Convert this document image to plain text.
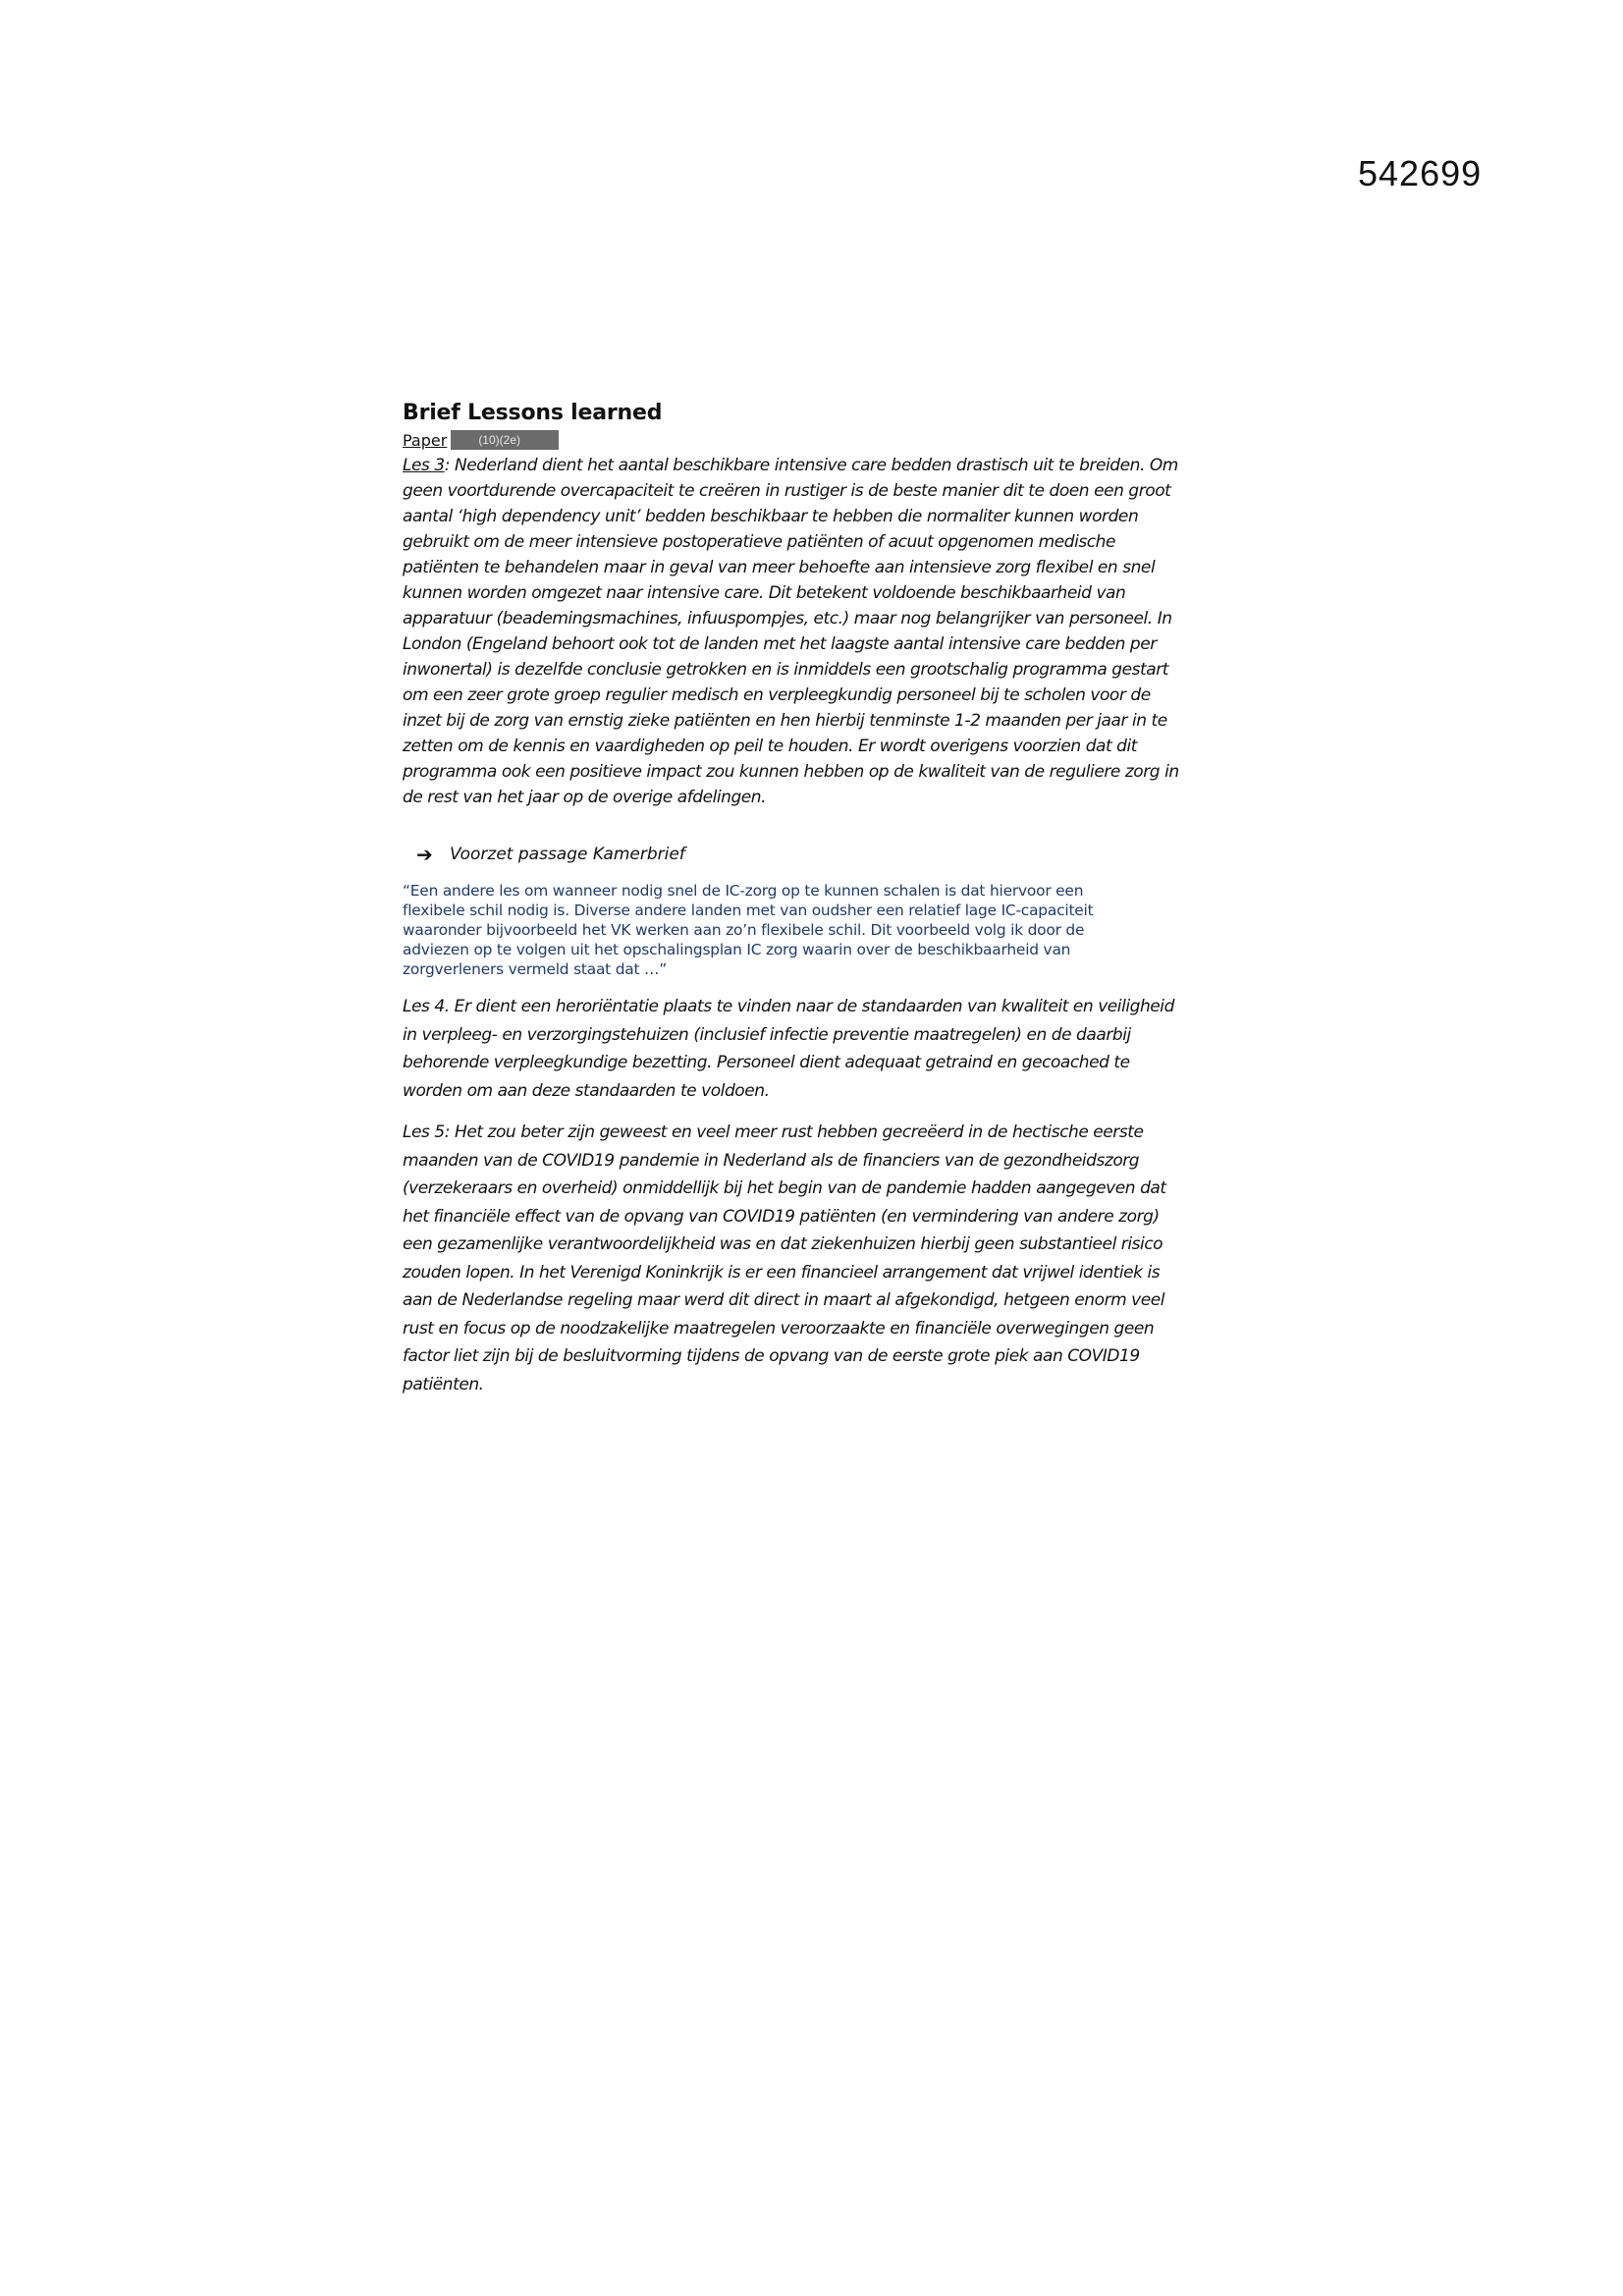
542699
Brief Lessons learned
Paper	(10)(2e)

Les 3: Nederland dient het aantal beschikbare intensive care bedden drastisch uit te breiden. Om

geen voortdurende overcapaciteit te creëren in rustiger is de beste manier dit te doen een groot

aantal ‘high dependency unit’ bedden beschikbaar te hebben die normaliter kunnen worden

gebruikt om de meer intensieve postoperatieve patiënten of acuut opgenomen medische

patiënten te behandelen maar in geval van meer behoefte aan intensieve zorg flexibel en snel

kunnen worden omgezet naar intensive care. Dit betekent voldoende beschikbaarheid van

apparatuur (beademingsmachines, infuuspompjes, etc.) maar nog belangrijker van personeel. In

London (Engeland behoort ook tot de landen met het laagste aantal intensive care bedden per

inwonertal) is dezelfde conclusie getrokken en is inmiddels een grootschalig programma gestart

om een zeer grote groep regulier medisch en verpleegkundig personeel bij te scholen voor de

inzet bij de zorg van ernstig zieke patiënten en hen hierbij tenminste 1-2 maanden per jaar in te

zetten om de kennis en vaardigheden op peil te houden. Er wordt overigens voorzien dat dit

programma ook een positieve impact zou kunnen hebben op de kwaliteit van de reguliere zorg in

de rest van het jaar op de overige afdelingen.

➔	Voorzet passage Kamerbrief
“Een andere les om wanneer nodig snel de IC-zorg op te kunnen schalen is dat hiervoor een
flexibele schil nodig is. Diverse andere landen met van oudsher een relatief lage IC-capaciteit
waaronder bijvoorbeeld het VK werken aan zo’n flexibele schil. Dit voorbeeld volg ik door de
adviezen op te volgen uit het opschalingsplan IC zorg waarin over de beschikbaarheid van
zorgverleners vermeld staat dat …”

Les 4. Er dient een heroriëntatie plaats te vinden naar de standaarden van kwaliteit en veiligheid

in verpleeg- en verzorgingstehuizen (inclusief infectie preventie maatregelen) en de daarbij

behorende verpleegkundige bezetting. Personeel dient adequaat getraind en gecoached te

worden om aan deze standaarden te voldoen.

Les 5: Het zou beter zijn geweest en veel meer rust hebben gecreëerd in de hectische eerste

maanden van de COVID19 pandemie in Nederland als de financiers van de gezondheidszorg

(verzekeraars en overheid) onmiddellijk bij het begin van de pandemie hadden aangegeven dat

het financiële effect van de opvang van COVID19 patiënten (en vermindering van andere zorg)

een gezamenlijke verantwoordelijkheid was en dat ziekenhuizen hierbij geen substantieel risico

zouden lopen. In het Verenigd Koninkrijk is er een financieel arrangement dat vrijwel identiek is

aan de Nederlandse regeling maar werd dit direct in maart al afgekondigd, hetgeen enorm veel

rust en focus op de noodzakelijke maatregelen veroorzaakte en financiële overwegingen geen

factor liet zijn bij de besluitvorming tijdens de opvang van de eerste grote piek aan COVID19

patiënten.
